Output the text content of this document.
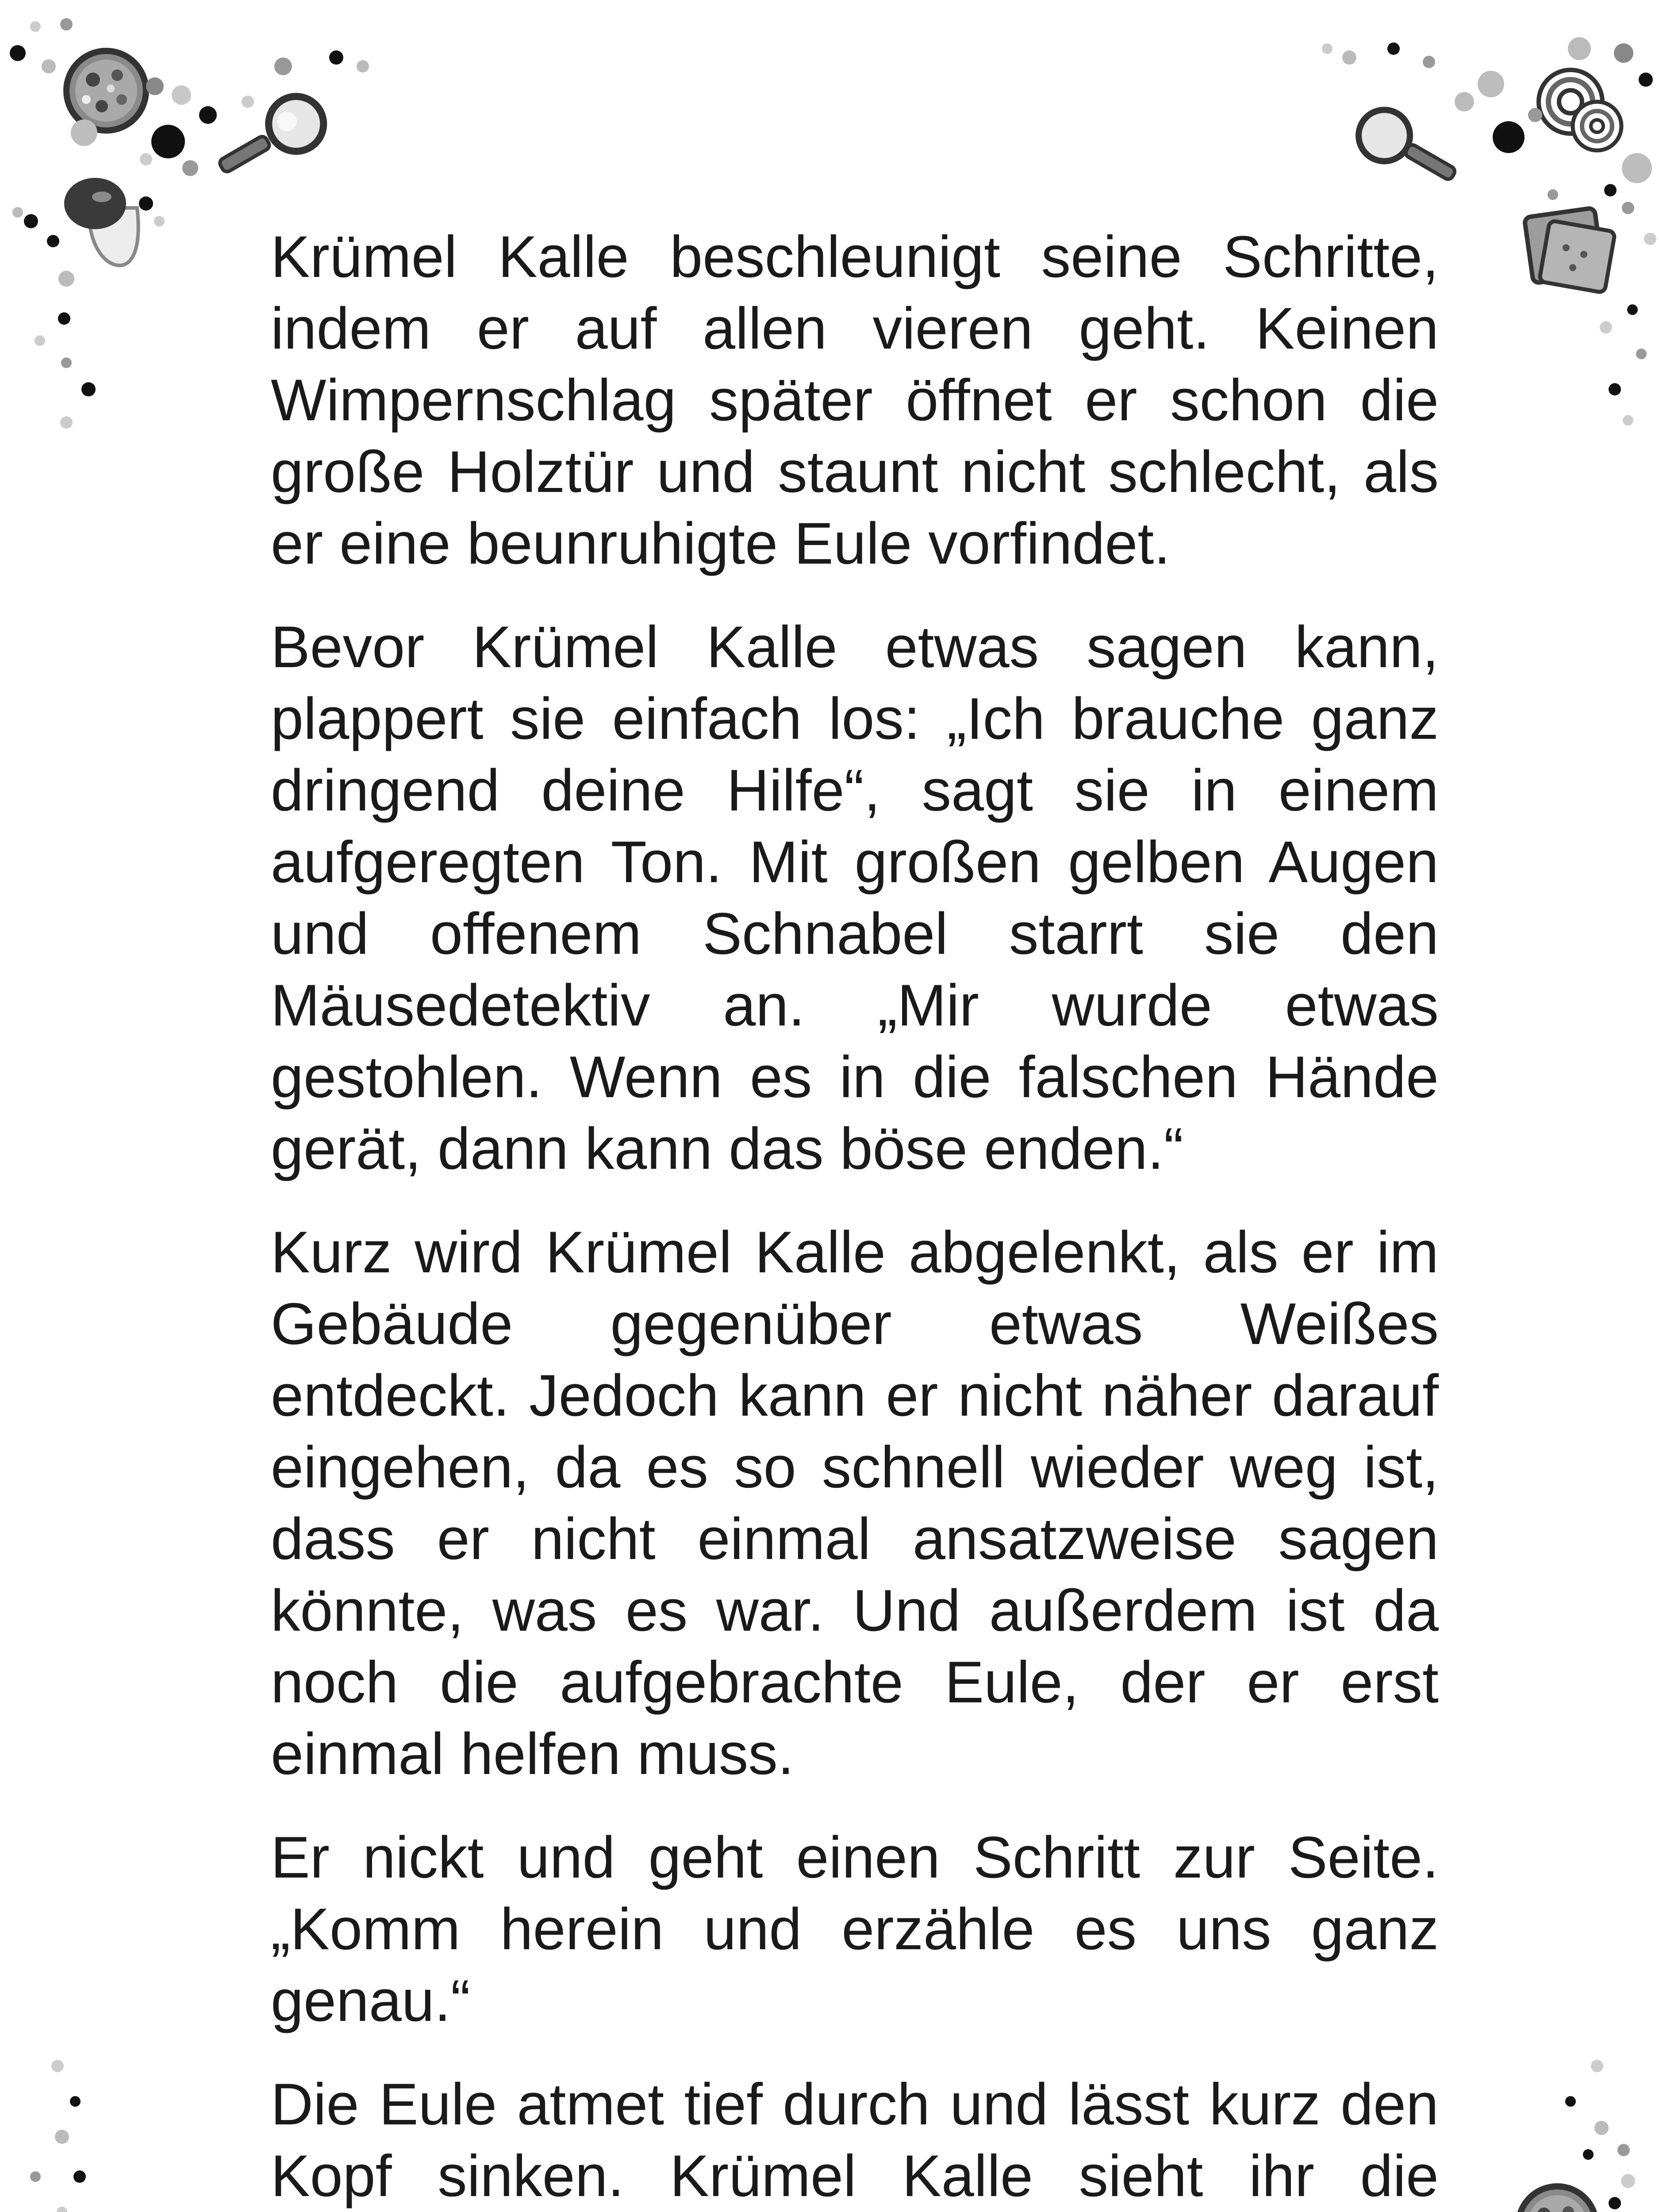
Krümel Kalle beschleunigt seine Schritte, indem er auf allen vieren geht. Keinen Wimpernschlag später öffnet er schon die große Holztür und staunt nicht schlecht, als er eine beunruhigte Eule vorfindet.

Bevor Krümel Kalle etwas sagen kann, plappert sie einfach los: „Ich brauche ganz dringend deine Hilfe“, sagt sie in einem aufgeregten Ton. Mit großen gelben Augen und offenem Schnabel starrt sie den Mäusedetektiv an. „Mir wurde etwas gestohlen. Wenn es in die falschen Hände gerät, dann kann das böse enden.“

Kurz wird Krümel Kalle abgelenkt, als er im Gebäude gegenüber etwas Weißes entdeckt. Jedoch kann er nicht näher darauf eingehen, da es so schnell wieder weg ist, dass er nicht einmal ansatzweise sagen könnte, was es war. Und außerdem ist da noch die aufgebrachte Eule, der er erst einmal helfen muss.

Er nickt und geht einen Schritt zur Seite. „Komm herein und erzähle es uns ganz genau.“

Die Eule atmet tief durch und lässt kurz den Kopf sinken. Krümel Kalle sieht ihr die
